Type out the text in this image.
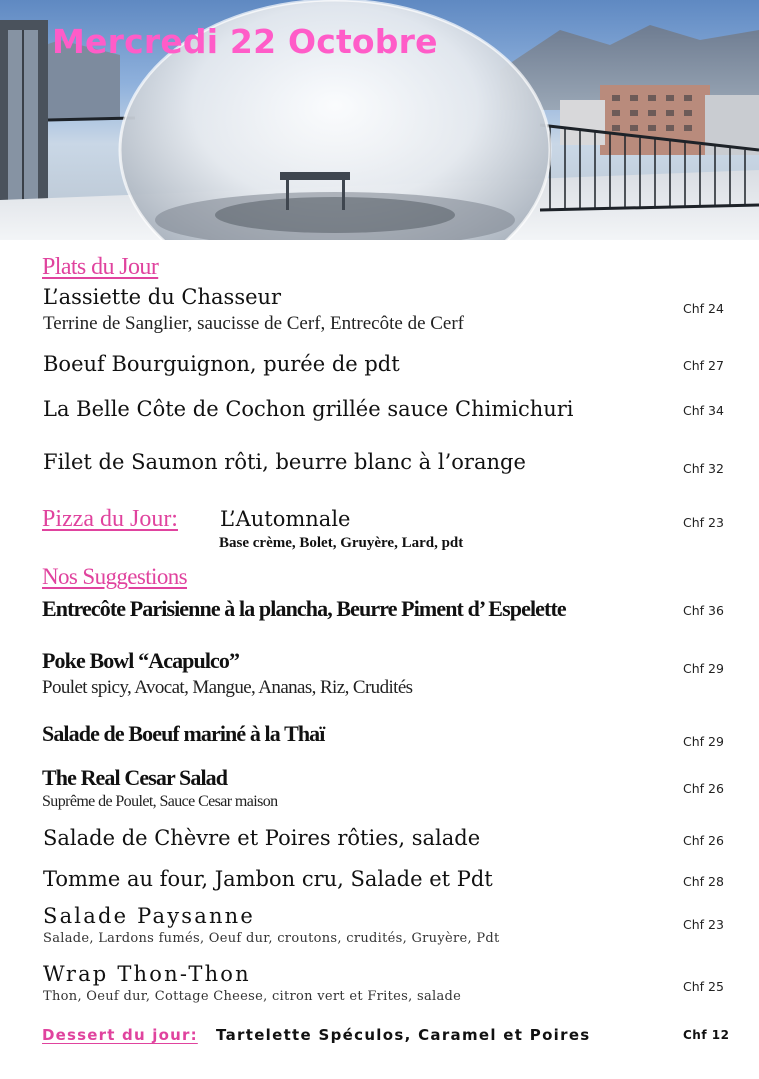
Mercredi 22 Octobre
Plats du Jour
L’assiette du Chasseur
Terrine de Sanglier, saucisse de Cerf, Entrecôte de Cerf
Chf 24
Boeuf Bourguignon, purée de pdt	Chf 27
La Belle Côte de Cochon grillée sauce Chimichuri	Chf 34
Filet de Saumon rôti, beurre blanc à l’orange	Chf 32
Pizza du Jour: L’Automnale
Base crème, Bolet, Gruyère, Lard, pdt
Chf 23
Nos Suggestions
Entrecôte Parisienne à la plancha, Beurre Piment d’ Espelette	Chf 36
Poke Bowl “Acapulco”
Poulet spicy, Avocat, Mangue, Ananas, Riz, Crudités
Chf 29
Salade de Boeuf mariné à la Thaï	Chf 29
The Real Cesar Salad
Suprême de Poulet, Sauce Cesar maison
Chf 26
Salade de Chèvre et Poires rôties, salade	Chf 26
Tomme au four, Jambon cru, Salade et Pdt	Chf 28
Salade Paysanne
Salade, Lardons fumés, Oeuf dur, croutons, crudités, Gruyère, Pdt
Chf 23
Wrap Thon-Thon
Thon, Oeuf dur, Cottage Cheese, citron vert et Frites, salade
Chf 25
Dessert du jour: Tartelette Spéculos, Caramel et Poires	Chf 12
